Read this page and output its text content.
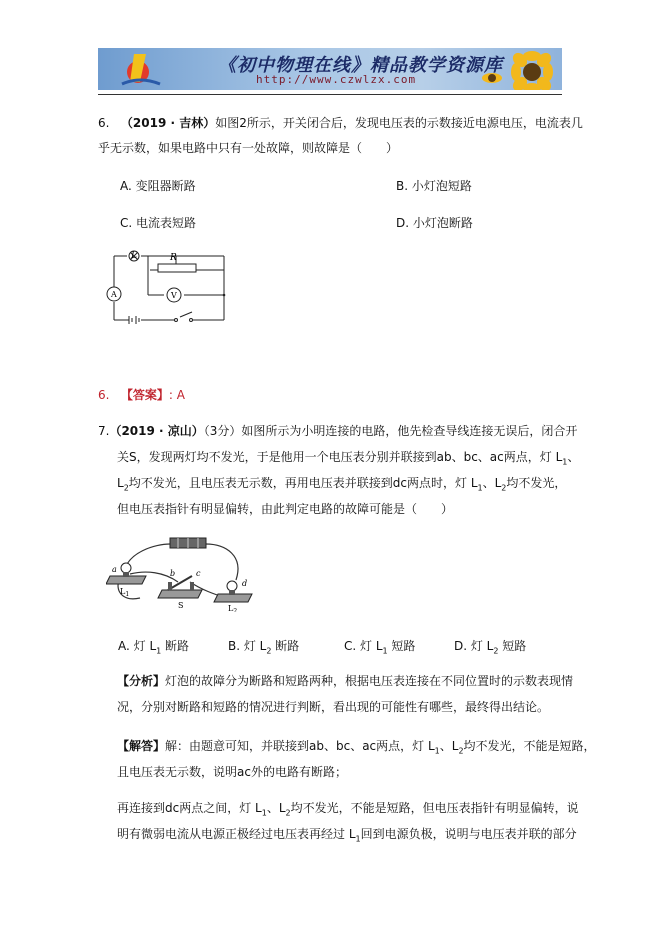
《初中物理在线》精品教学资源库
http://www.czwlzx.com
6. （2019 · 吉林）如图2所示，开关闭合后，发现电压表的示数接近电源电压，电流表几
乎无示数，如果电路中只有一处故障，则故障是（　　）
A. 变阻器断路	B. 小灯泡短路
C. 电流表短路	D. 小灯泡断路
L	R
A	V
6. 【答案】: A
7.（2019 · 凉山）（3分）如图所示为小明连接的电路，他先检查导线连接无误后，闭合开
关S，发现两灯均不发光，于是他用一个电压表分别并联接到ab、bc、ac两点，灯 $L_1$、
$L_2$均不发光，且电压表无示数，再用电压表并联接到dc两点时，灯 $L_1$、$L_2$均不发光，
但电压表指针有明显偏转，由此判定电路的故障可能是（　　）
a	b	c
d
$L_1$
S	$L_2$
A. 灯 $L_1$ 断路	B. 灯 $L_2$ 断路	C. 灯 $L_1$ 短路	D. 灯 $L_2$ 短路
【分析】灯泡的故障分为断路和短路两种，根据电压表连接在不同位置时的示数表现情
况，分别对断路和短路的情况进行判断，看出现的可能性有哪些，最终得出结论。
【解答】解：由题意可知，并联接到ab、bc、ac两点，灯 $L_1$、$L_2$均不发光，不能是短路，
且电压表无示数，说明ac外的电路有断路；
再连接到dc两点之间，灯 $L_1$、$L_2$均不发光，不能是短路，但电压表指针有明显偏转，说
明有微弱电流从电源正极经过电压表再经过 $L_1$回到电源负极，说明与电压表并联的部分
